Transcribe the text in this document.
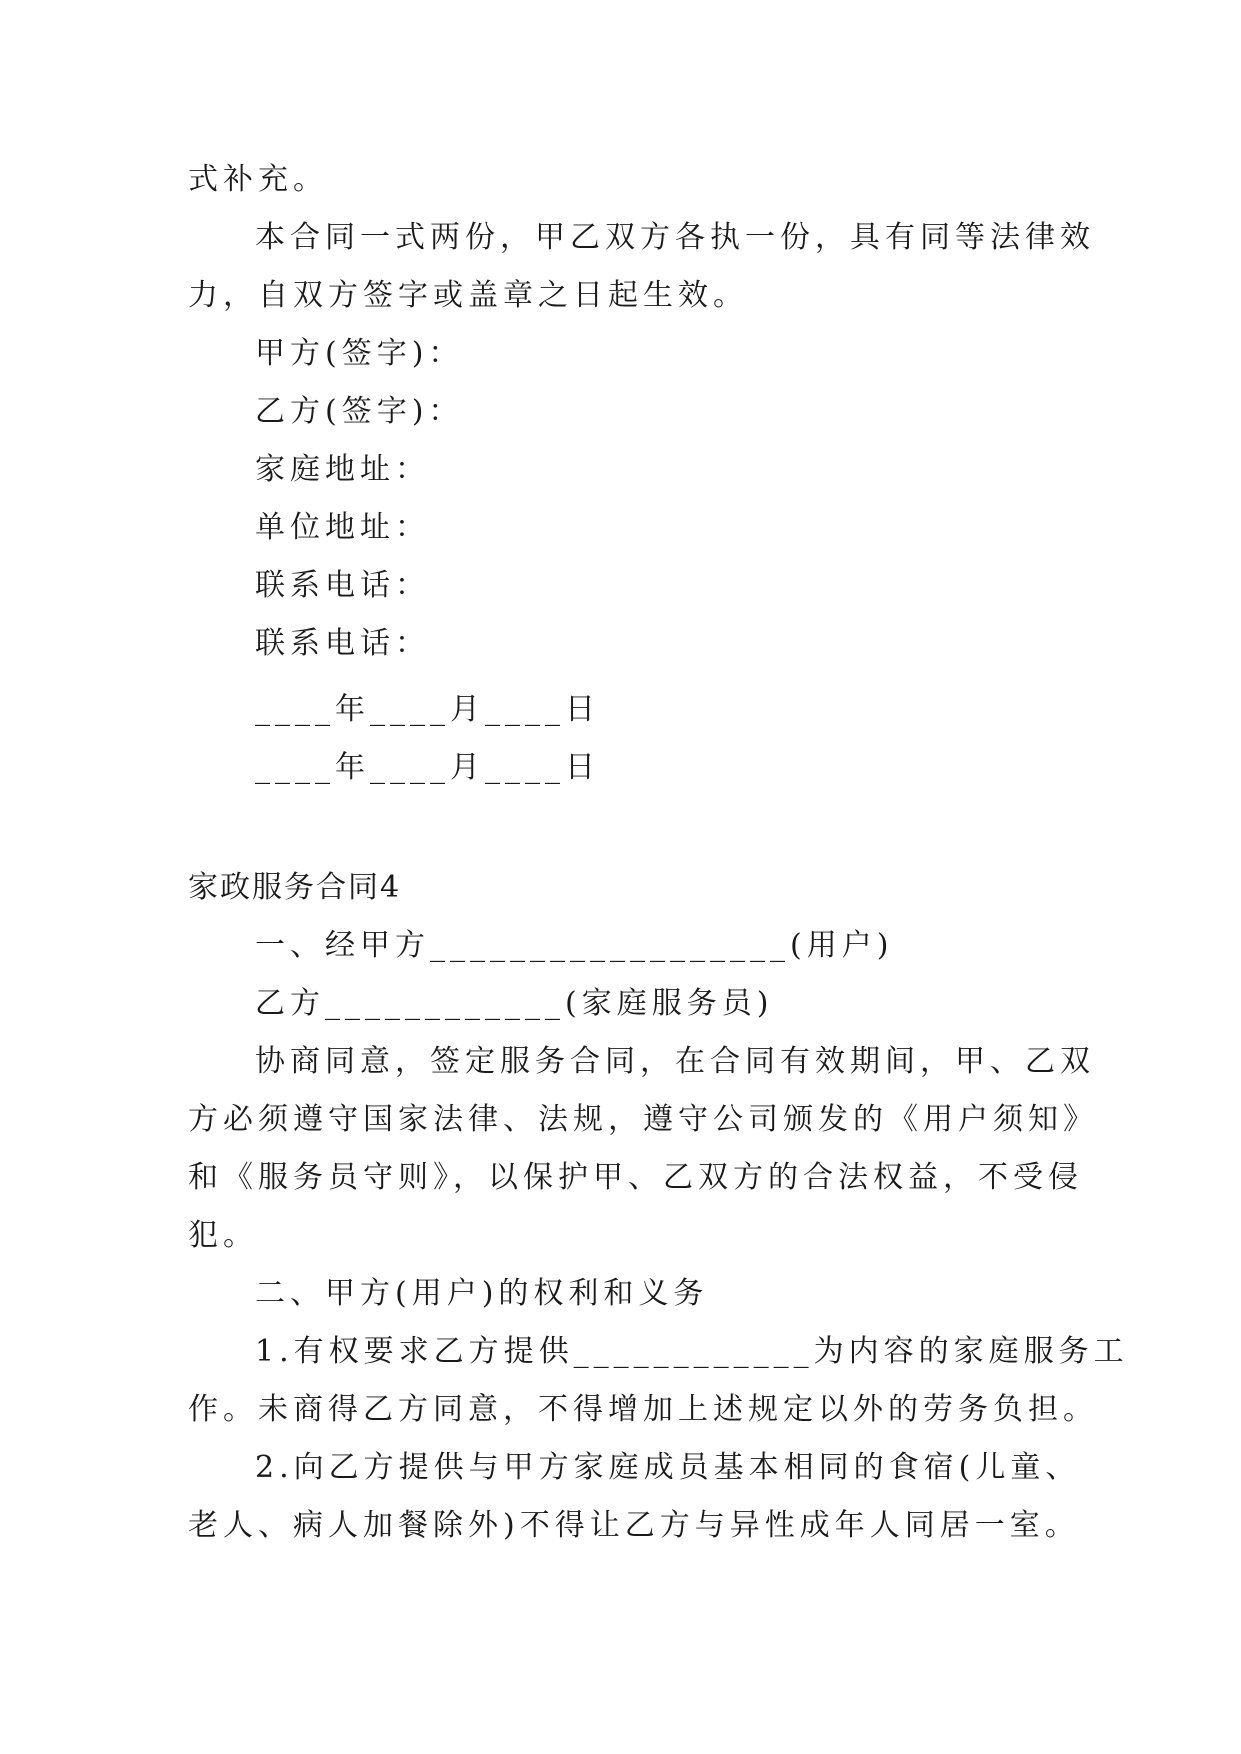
式补充。
本合同一式两份，甲乙双方各执一份，具有同等法律效
力，自双方签字或盖章之日起生效。
甲方(签字)：
乙方(签字)：
家庭地址：
单位地址：
联系电话：
联系电话：
____年____月____日
____年____月____日
家政服务合同4
一、经甲方__________________(用户)
乙方____________(家庭服务员)
协商同意，签定服务合同，在合同有效期间，甲、乙双
方必须遵守国家法律、法规，遵守公司颁发的《用户须知》
和《服务员守则》，以保护甲、乙双方的合法权益，不受侵
犯。
二、甲方(用户)的权利和义务
1.有权要求乙方提供____________为内容的家庭服务工
作。未商得乙方同意，不得增加上述规定以外的劳务负担。
2.向乙方提供与甲方家庭成员基本相同的食宿(儿童、
老人、病人加餐除外)不得让乙方与异性成年人同居一室。
